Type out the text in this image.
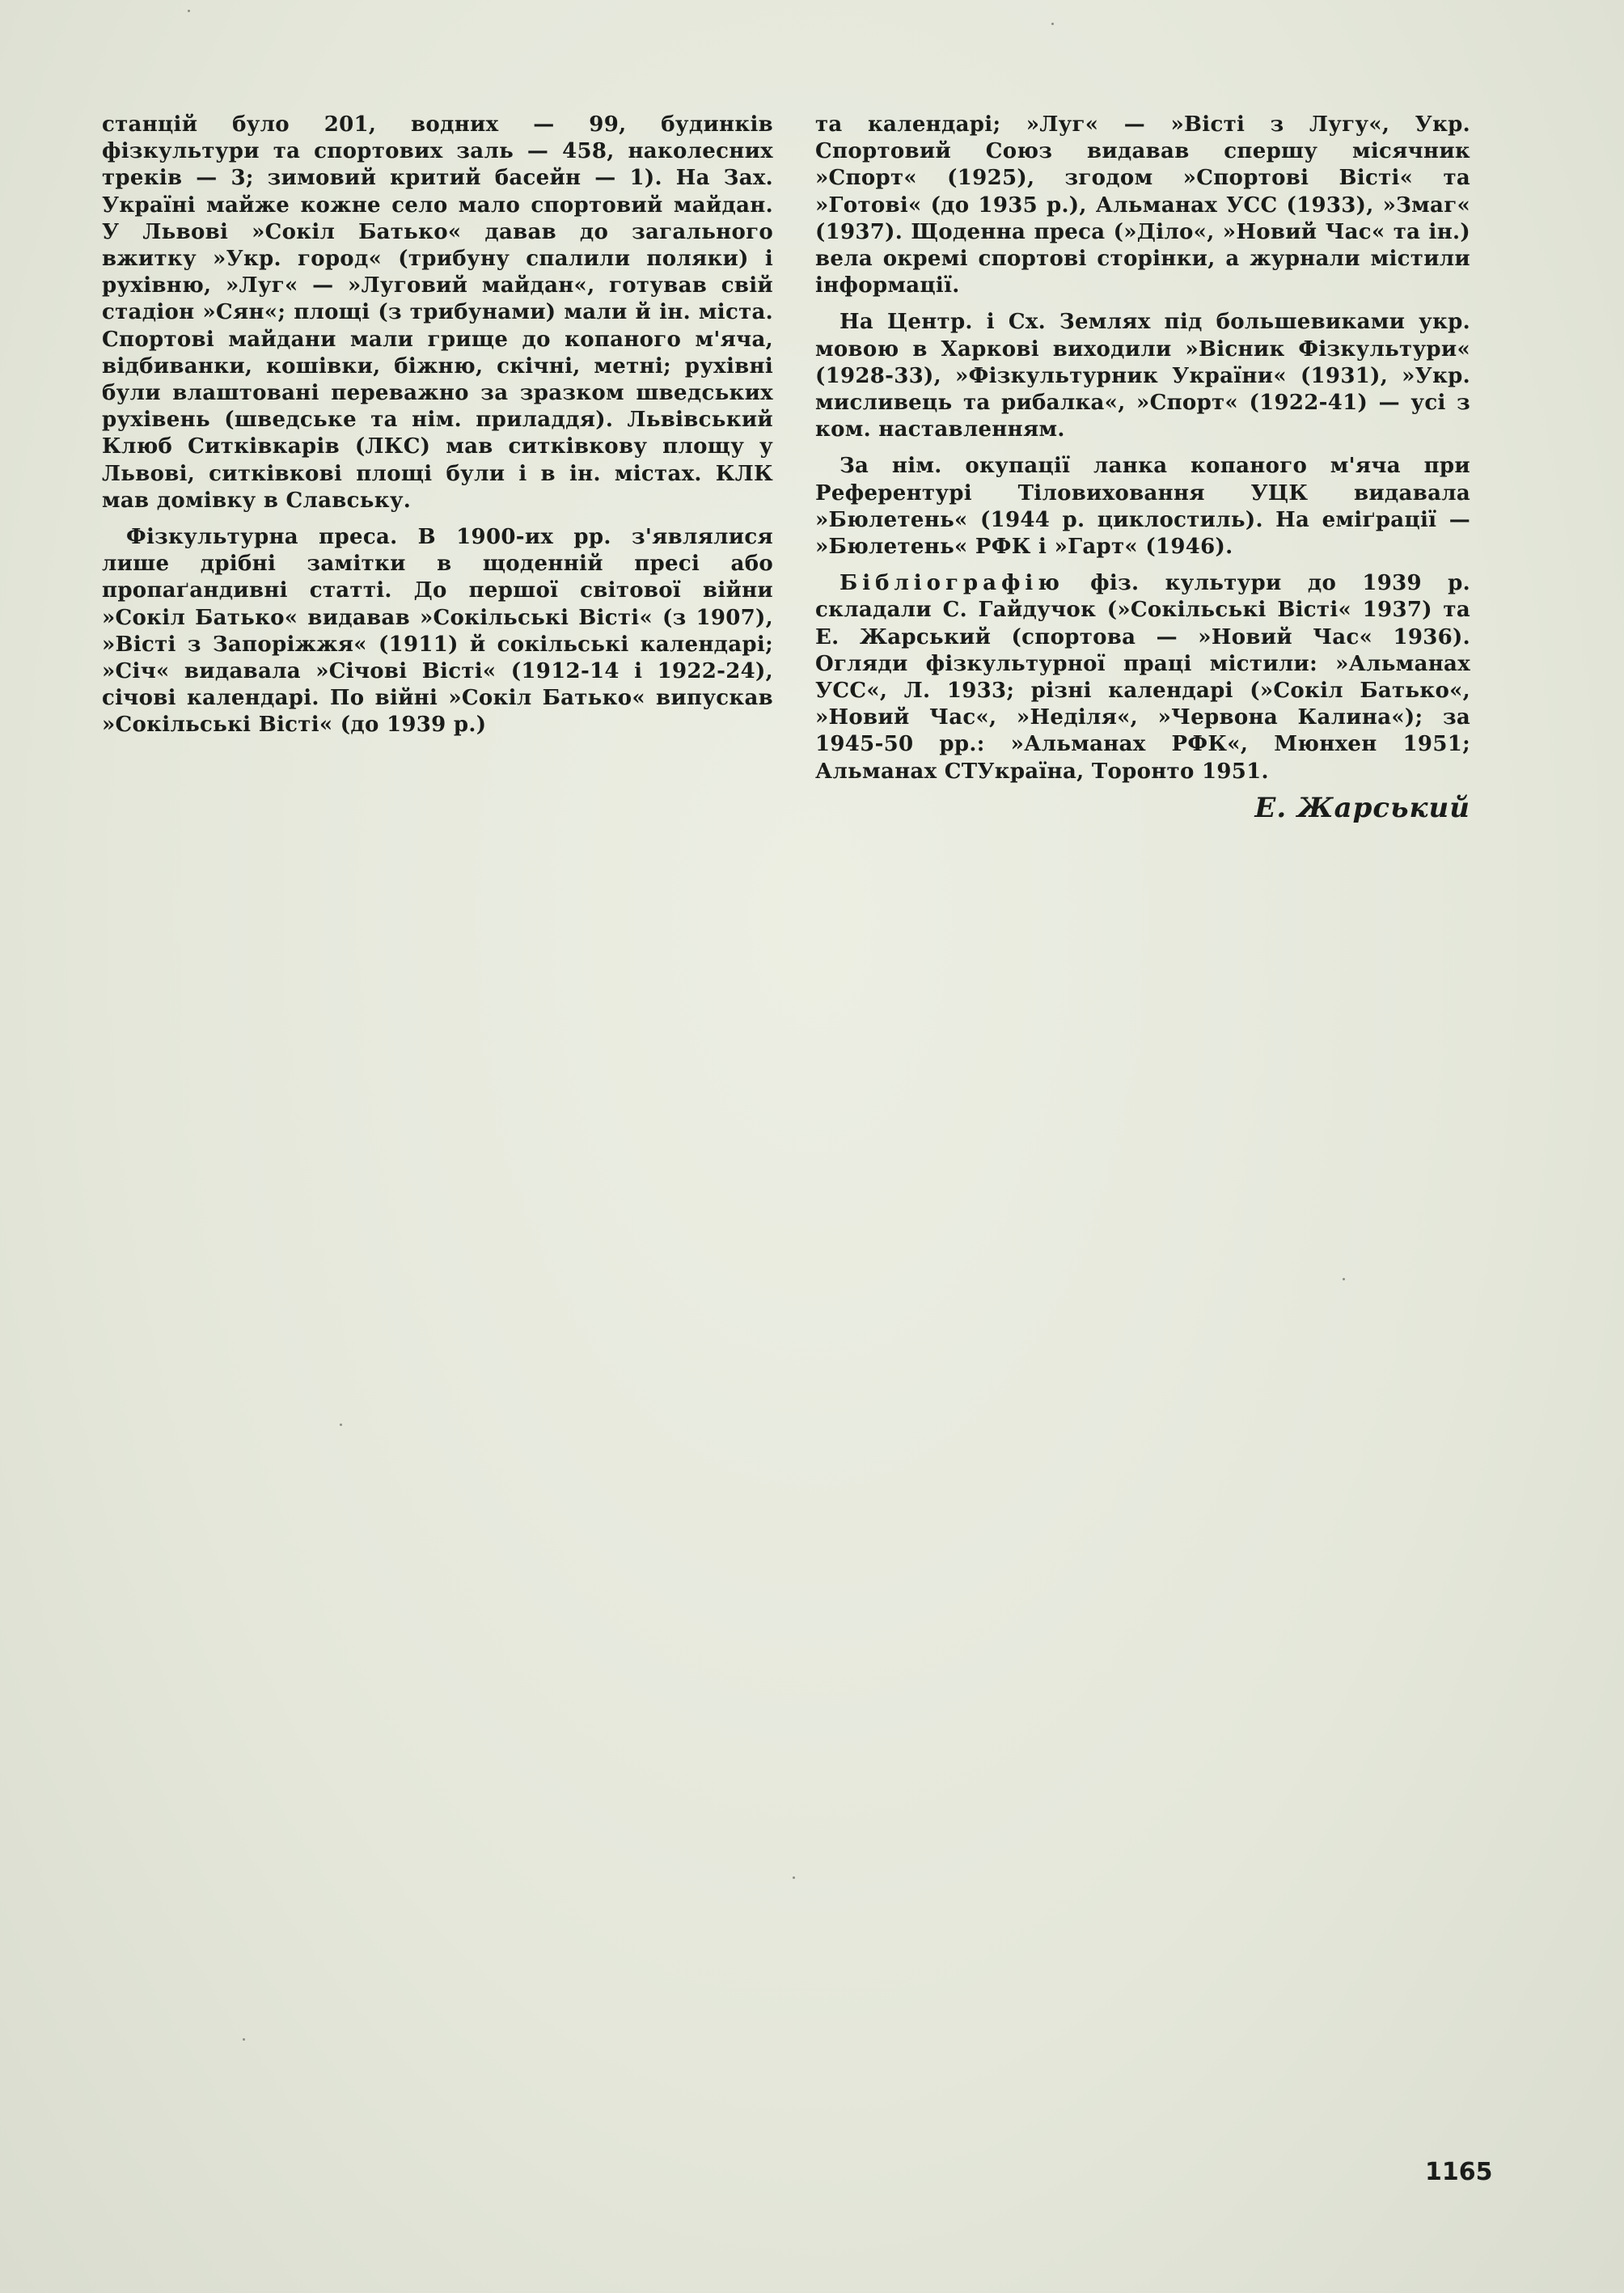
станцій було 201, водних — 99, будинків фізкультури та спортових заль — 458, наколесних треків — 3; зимовий критий басейн — 1). На Зах. Україні майже кожне село мало спортовий майдан. У Львові »Сокіл Батько« давав до загального вжитку »Укр. город« (трибуну спалили поляки) і рухівню, »Луг« — »Луговий майдан«, готував свій стадіон »Сян«; площі (з трибунами) мали й ін. міста. Спортові майдани мали грище до копаного м'яча, відбиванки, кошівки, біжню, скічні, метні; рухівні були влаштовані переважно за зразком шведських рухівень (шведське та нім. приладдя). Львівський Клюб Ситківкарів (ЛКС) мав ситківкову площу у Львові, ситківкові площі були і в ін. містах. КЛК мав домівку в Славську.

Фізкультурна преса. В 1900-их рр. з'являлися лише дрібні замітки в щоденній пресі або пропаґандивні статті. До першої світової війни »Сокіл Батько« видавав »Сокільські Вісті« (з 1907), »Вісті з Запоріжжя« (1911) й сокільські календарі; »Січ« видавала »Січові Вісті« (1912-14 і 1922-24), січові календарі. По війні »Сокіл Батько« випускав »Сокільські Вісті« (до 1939 р.)

та календарі; »Луг« — »Вісті з Лугу«, Укр. Спортовий Союз видавав спершу місячник »Спорт« (1925), згодом »Спортові Вісті« та »Готові« (до 1935 р.), Альманах УСС (1933), »Змаг« (1937). Щоденна преса (»Діло«, »Новий Час« та ін.) вела окремі спортові сторінки, а журнали містили інформації.

На Центр. і Сх. Землях під большевиками укр. мовою в Харкові виходили »Вісник Фізкультури« (1928-33), »Фізкультурник України« (1931), »Укр. мисливець та рибалка«, »Спорт« (1922-41) — усі з ком. наставленням.

За нім. окупації ланка копаного м'яча при Референтурі Тіловиховання УЦК видавала »Бюлетень« (1944 р. циклостиль). На еміґрації — »Бюлетень« РФК і »Гарт« (1946).

Бібліографію фіз. культури до 1939 р. складали С. Гайдучок (»Сокільські Вісті« 1937) та Е. Жарський (спортова — »Новий Час« 1936). Огляди фізкультурної праці містили: »Альманах УСС«, Л. 1933; різні календарі (»Сокіл Батько«, »Новий Час«, »Неділя«, »Червона Калина«); за 1945-50 рр.: »Альманах РФК«, Мюнхен 1951; Альманах СТУкраїна, Торонто 1951.

Е. Жарський
1165
